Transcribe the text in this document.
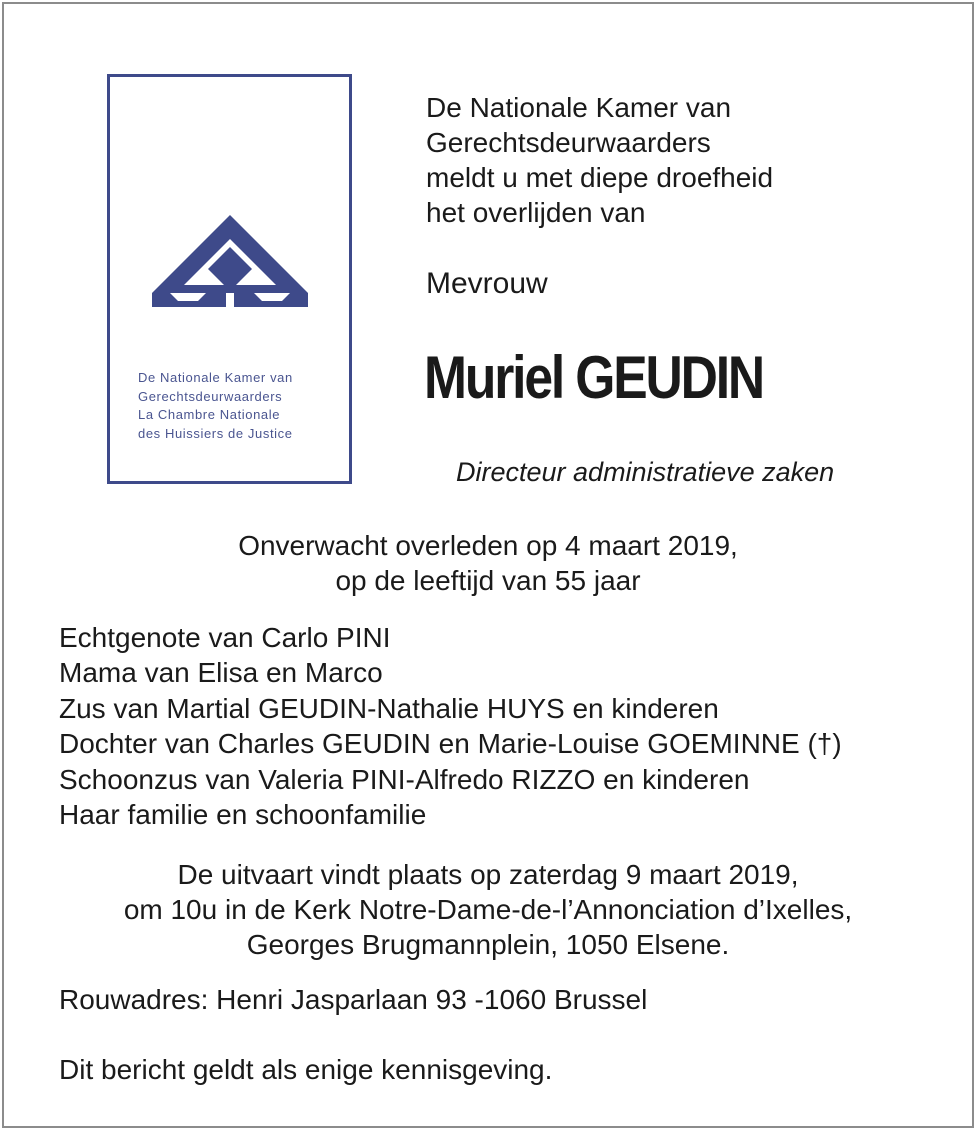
De Nationale Kamer van
Gerechtsdeurwaarders
La Chambre Nationale
des Huissiers de Justice
De Nationale Kamer van
Gerechtsdeurwaarders
meldt u met diepe droefheid
het overlijden van
Mevrouw
Muriel GEUDIN
Directeur administratieve zaken
Onverwacht overleden op 4 maart 2019,
op de leeftijd van 55 jaar
Echtgenote van Carlo PINI
Mama van Elisa en Marco
Zus van Martial GEUDIN-Nathalie HUYS en kinderen
Dochter van Charles GEUDIN en Marie-Louise GOEMINNE (†)
Schoonzus van Valeria PINI-Alfredo RIZZO en kinderen
Haar familie en schoonfamilie
De uitvaart vindt plaats op zaterdag 9 maart 2019,
om 10u in de Kerk Notre-Dame-de-l’Annonciation d’Ixelles,
Georges Brugmannplein, 1050 Elsene.
Rouwadres: Henri Jasparlaan 93 -1060 Brussel
Dit bericht geldt als enige kennisgeving.
